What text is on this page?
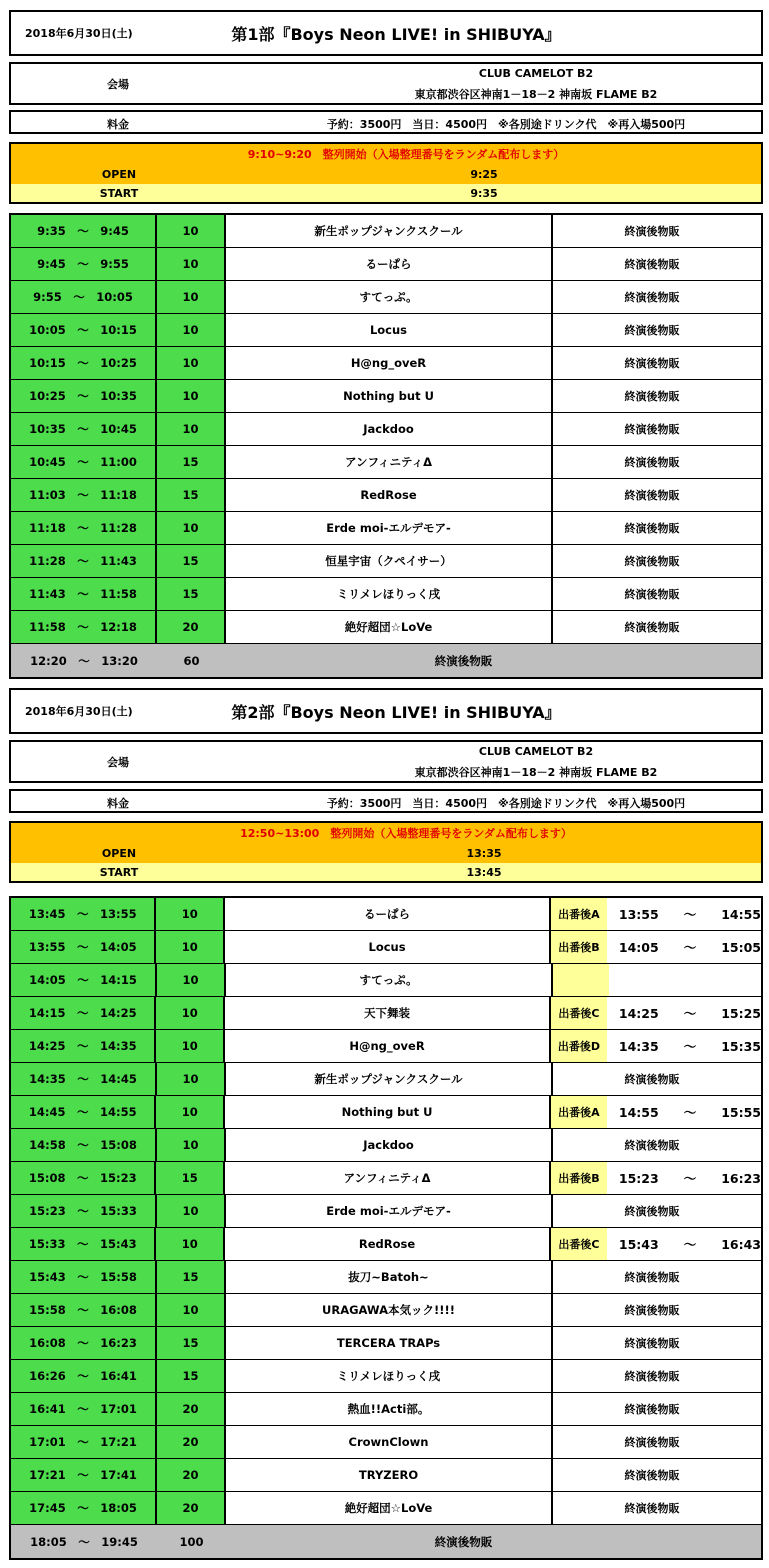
2018年6月30日(土)	第1部『Boys Neon LIVE! in SHIBUYA』
会場
CLUB CAMELOT B2
東京都渋谷区神南1－18－2 神南坂 FLAME B2
料金	予約：3500円　当日：4500円　※各別途ドリンク代　※再入場500円
9:10~9:20　整列開始（入場整理番号をランダム配布します）
OPEN	9:25
START	9:35
9:35　～　9:45	10	新生ポップジャンクスクール	終演後物販
9:45　～　9:55	10	るーぱら	終演後物販
9:55　～　10:05	10	すてっぷ。	終演後物販
10:05　～　10:15	10	Locus	終演後物販
10:15　～　10:25	10	H@ng_oveR	終演後物販
10:25　～　10:35	10	Nothing but U	終演後物販
10:35　～　10:45	10	Jackdoo	終演後物販
10:45　～　11:00	15	アンフィニティΔ	終演後物販
11:03　～　11:18	15	RedRose	終演後物販
11:18　～　11:28	10	Erde moi-エルデモア-	終演後物販
11:28　～　11:43	15	恒星宇宙（クペイサー）	終演後物販
11:43　～　11:58	15	ミリメレほりっく戌	終演後物販
11:58　～　12:18	20	絶好超団☆LoVe	終演後物販
12:20　～　13:20	60	終演後物販
2018年6月30日(土)	第2部『Boys Neon LIVE! in SHIBUYA』
会場
CLUB CAMELOT B2
東京都渋谷区神南1－18－2 神南坂 FLAME B2
料金	予約：3500円　当日：4500円　※各別途ドリンク代　※再入場500円
12:50~13:00　整列開始（入場整理番号をランダム配布します）
OPEN	13:35
START	13:45
13:45　～　13:55	10	るーぱら	出番後A	13:55　　～　　14:55
13:55　～　14:05	10	Locus	出番後B	14:05　　～　　15:05
14:05　～　14:15	10	すてっぷ。
14:15　～　14:25	10	天下舞装	出番後C	14:25　　～　　15:25
14:25　～　14:35	10	H@ng_oveR	出番後D	14:35　　～　　15:35
14:35　～　14:45	10	新生ポップジャンクスクール	終演後物販
14:45　～　14:55	10	Nothing but U	出番後A	14:55　　～　　15:55
14:58　～　15:08	10	Jackdoo	終演後物販
15:08　～　15:23	15	アンフィニティΔ	出番後B	15:23　　～　　16:23
15:23　～　15:33	10	Erde moi-エルデモア-	終演後物販
15:33　～　15:43	10	RedRose	出番後C	15:43　　～　　16:43
15:43　～　15:58	15	抜刀~Batoh~	終演後物販
15:58　～　16:08	10	URAGAWA本気ック!!!!	終演後物販
16:08　～　16:23	15	TERCERA TRAPs	終演後物販
16:26　～　16:41	15	ミリメレほりっく戌	終演後物販
16:41　～　17:01	20	熱血!!Acti部。	終演後物販
17:01　～　17:21	20	CrownClown	終演後物販
17:21　～　17:41	20	TRYZERO	終演後物販
17:45　～　18:05	20	絶好超団☆LoVe	終演後物販
18:05　～　19:45	100	終演後物販
